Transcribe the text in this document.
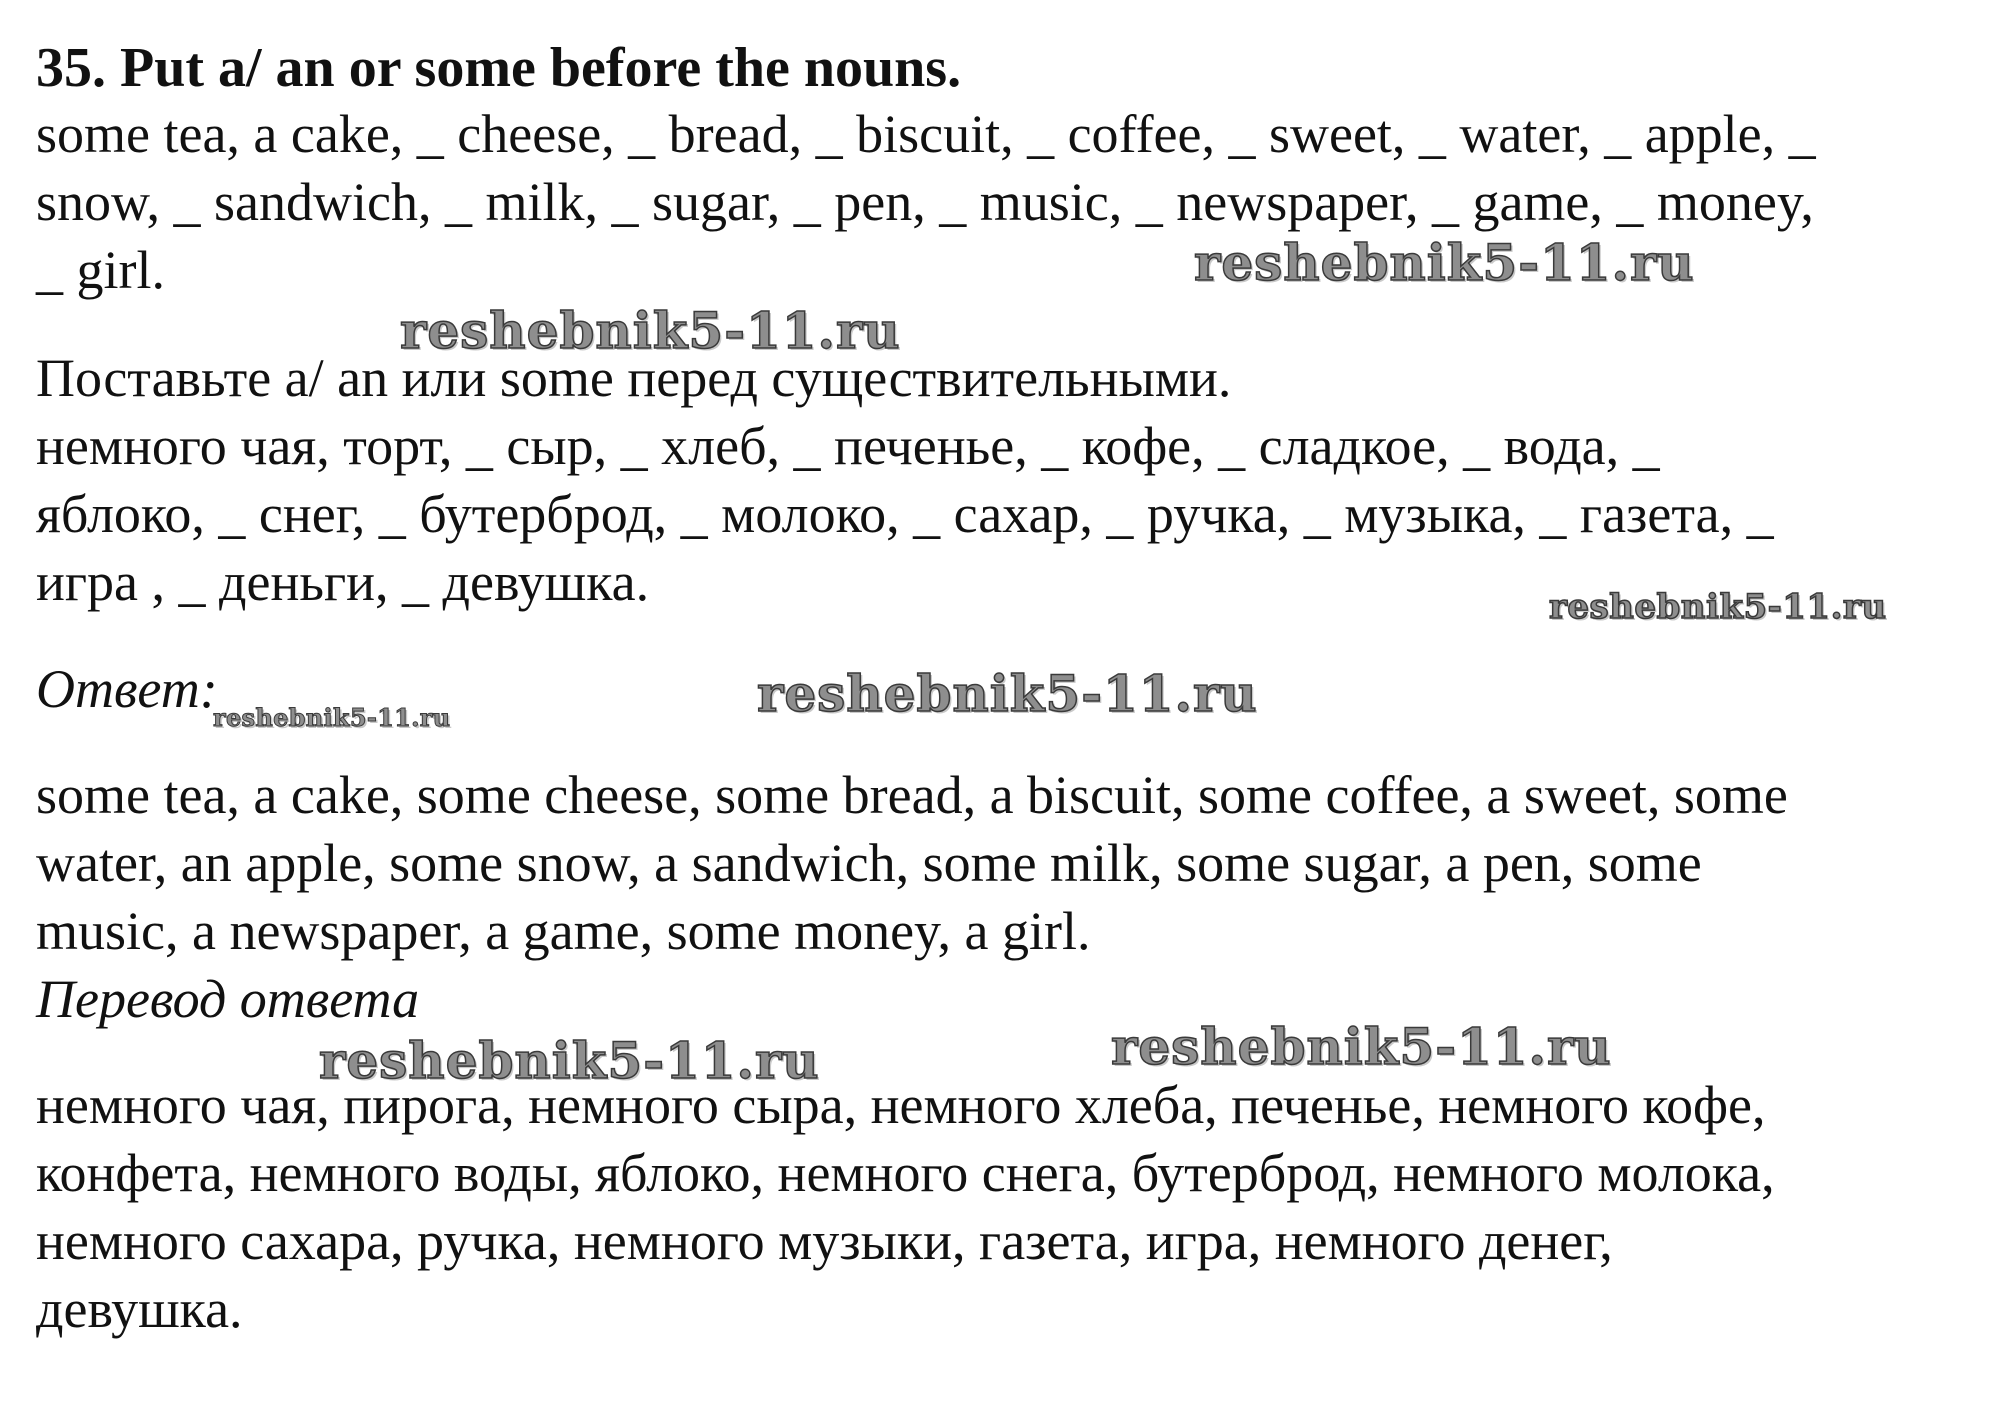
35. Put a/ an or some before the nouns.
some tea, a cake, _ cheese, _ bread, _ biscuit, _ coffee, _ sweet, _ water, _ apple, _
snow, _ sandwich, _ milk, _ sugar, _ pen, _ music, _ newspaper, _ game, _ money,
_ girl.
Поставьте a/ an или some перед существительными.
немного чая, торт, _ сыр, _ хлеб, _ печенье, _ кофе, _ сладкое, _ вода, _
яблоко, _ снег, _ бутерброд, _ молоко, _ сахар, _ ручка, _ музыка, _ газета, _
игра , _ деньги, _ девушка.
Ответ:
some tea, a cake, some cheese, some bread, a biscuit, some coffee, a sweet, some
water, an apple, some snow, a sandwich, some milk, some sugar, a pen, some
music, a newspaper, a game, some money, a girl.
Перевод ответа
немного чая, пирога, немного сыра, немного хлеба, печенье, немного кофе,
конфета, немного воды, яблоко, немного снега, бутерброд, немного молока,
немного сахара, ручка, немного музыки, газета, игра, немного денег,
девушка.
reshebnik5-11.ru
reshebnik5-11.ru
reshebnik5-11.ru
reshebnik5-11.ru
reshebnik5-11.ru
reshebnik5-11.ru	reshebnik5-11.ru
